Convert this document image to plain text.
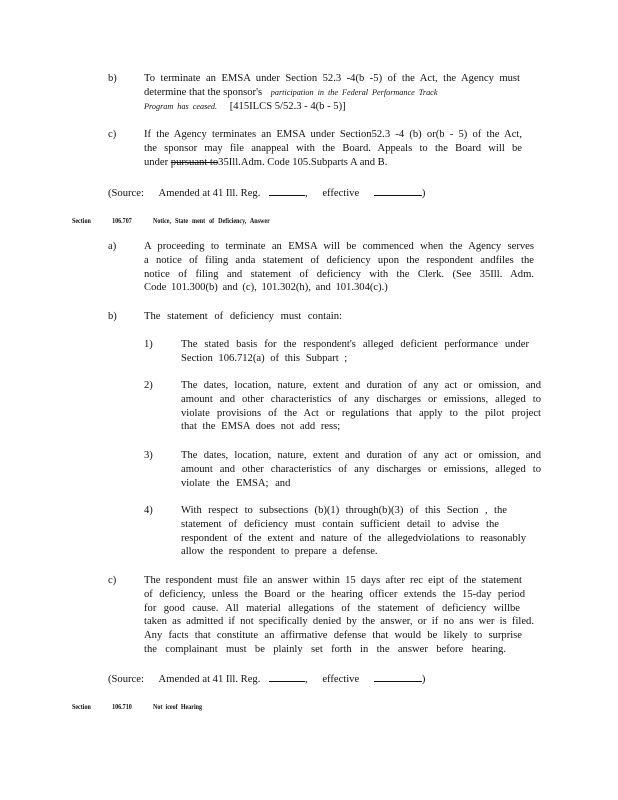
b)	To terminate an EMSA under Section 52.3 -4(b -5) of the Act, the Agency must
determine that the sponsor's participation in the Federal Performance Track
Program has ceased. [415ILCS 5/52.3 - 4(b - 5)]
c)	If the Agency terminates an EMSA under Section52.3 -4 (b) or(b - 5) of the Act,
the sponsor may file anappeal with the Board. Appeals to the Board will be
under pursuant to35Ill.Adm. Code 105.Subparts A and B.
(Source: Amended at 41 Ill. Reg.	, effective	)
Section	106.707	Notice, State ment of Deficiency, Answer
a)	A proceeding to terminate an EMSA will be commenced when the Agency serves
a notice of filing anda statement of deficiency upon the respondent andfiles the
notice of filing and statement of deficiency with the Clerk. (See 35Ill. Adm.
Code 101.300(b) and (c), 101.302(h), and 101.304(c).)
b)	The statement of deficiency must contain:
1)	The stated basis for the respondent's alleged deficient performance under
Section 106.712(a) of this Subpart ;
2)	The dates, location, nature, extent and duration of any act or omission, and
amount and other characteristics of any discharges or emissions, alleged to
violate provisions of the Act or regulations that apply to the pilot project
that the EMSA does not add ress;
3)	The dates, location, nature, extent and duration of any act or omission, and
amount and other characteristics of any discharges or emissions, alleged to
violate the EMSA; and
4)	With respect to subsections (b)(1) through(b)(3) of this Section , the
statement of deficiency must contain sufficient detail to advise the
respondent of the extent and nature of the allegedviolations to reasonably
allow the respondent to prepare a defense.
c)	The respondent must file an answer within 15 days after rec eipt of the statement
of deficiency, unless the Board or the hearing officer extends the 15-day period
for good cause. All material allegations of the statement of deficiency willbe
taken as admitted if not specifically denied by the answer, or if no ans wer is filed.
Any facts that constitute an affirmative defense that would be likely to surprise
the complainant must be plainly set forth in the answer before hearing.
(Source: Amended at 41 Ill. Reg.	, effective	)
Section	106.710	Not iceof Hearing
